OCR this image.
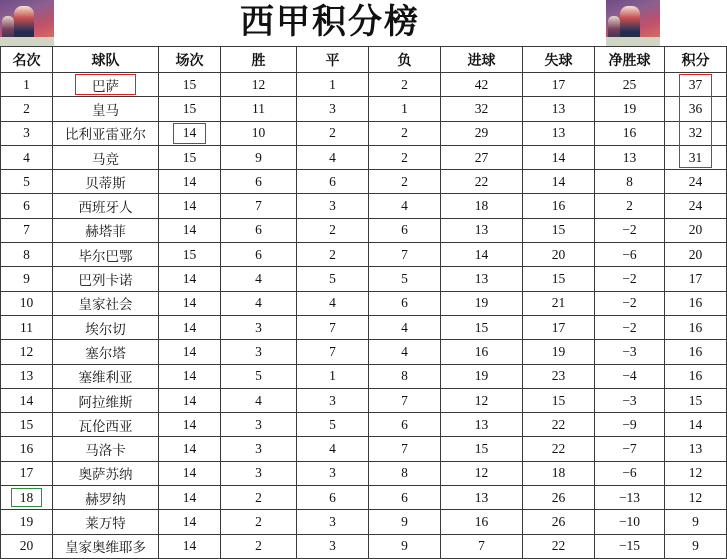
西甲积分榜
名次	球队	场次	胜	平	负	进球	失球	净胜球	积分
1	巴萨	15	12	1	2	42	17	25	37
2	皇马	15	11	3	1	32	13	19	36
3	比利亚雷亚尔	14	10	2	2	29	13	16	32
4	马竞	15	9	4	2	27	14	13	31
5	贝蒂斯	14	6	6	2	22	14	8	24
6	西班牙人	14	7	3	4	18	16	2	24
7	赫塔菲	14	6	2	6	13	15	−2	20
8	毕尔巴鄂	15	6	2	7	14	20	−6	20
9	巴列卡诺	14	4	5	5	13	15	−2	17
10	皇家社会	14	4	4	6	19	21	−2	16
11	埃尔切	14	3	7	4	15	17	−2	16
12	塞尔塔	14	3	7	4	16	19	−3	16
13	塞维利亚	14	5	1	8	19	23	−4	16
14	阿拉维斯	14	4	3	7	12	15	−3	15
15	瓦伦西亚	14	3	5	6	13	22	−9	14
16	马洛卡	14	3	4	7	15	22	−7	13
17	奥萨苏纳	14	3	3	8	12	18	−6	12
18	赫罗纳	14	2	6	6	13	26	−13	12
19	莱万特	14	2	3	9	16	26	−10	9
20	皇家奥维耶多	14	2	3	9	7	22	−15	9
